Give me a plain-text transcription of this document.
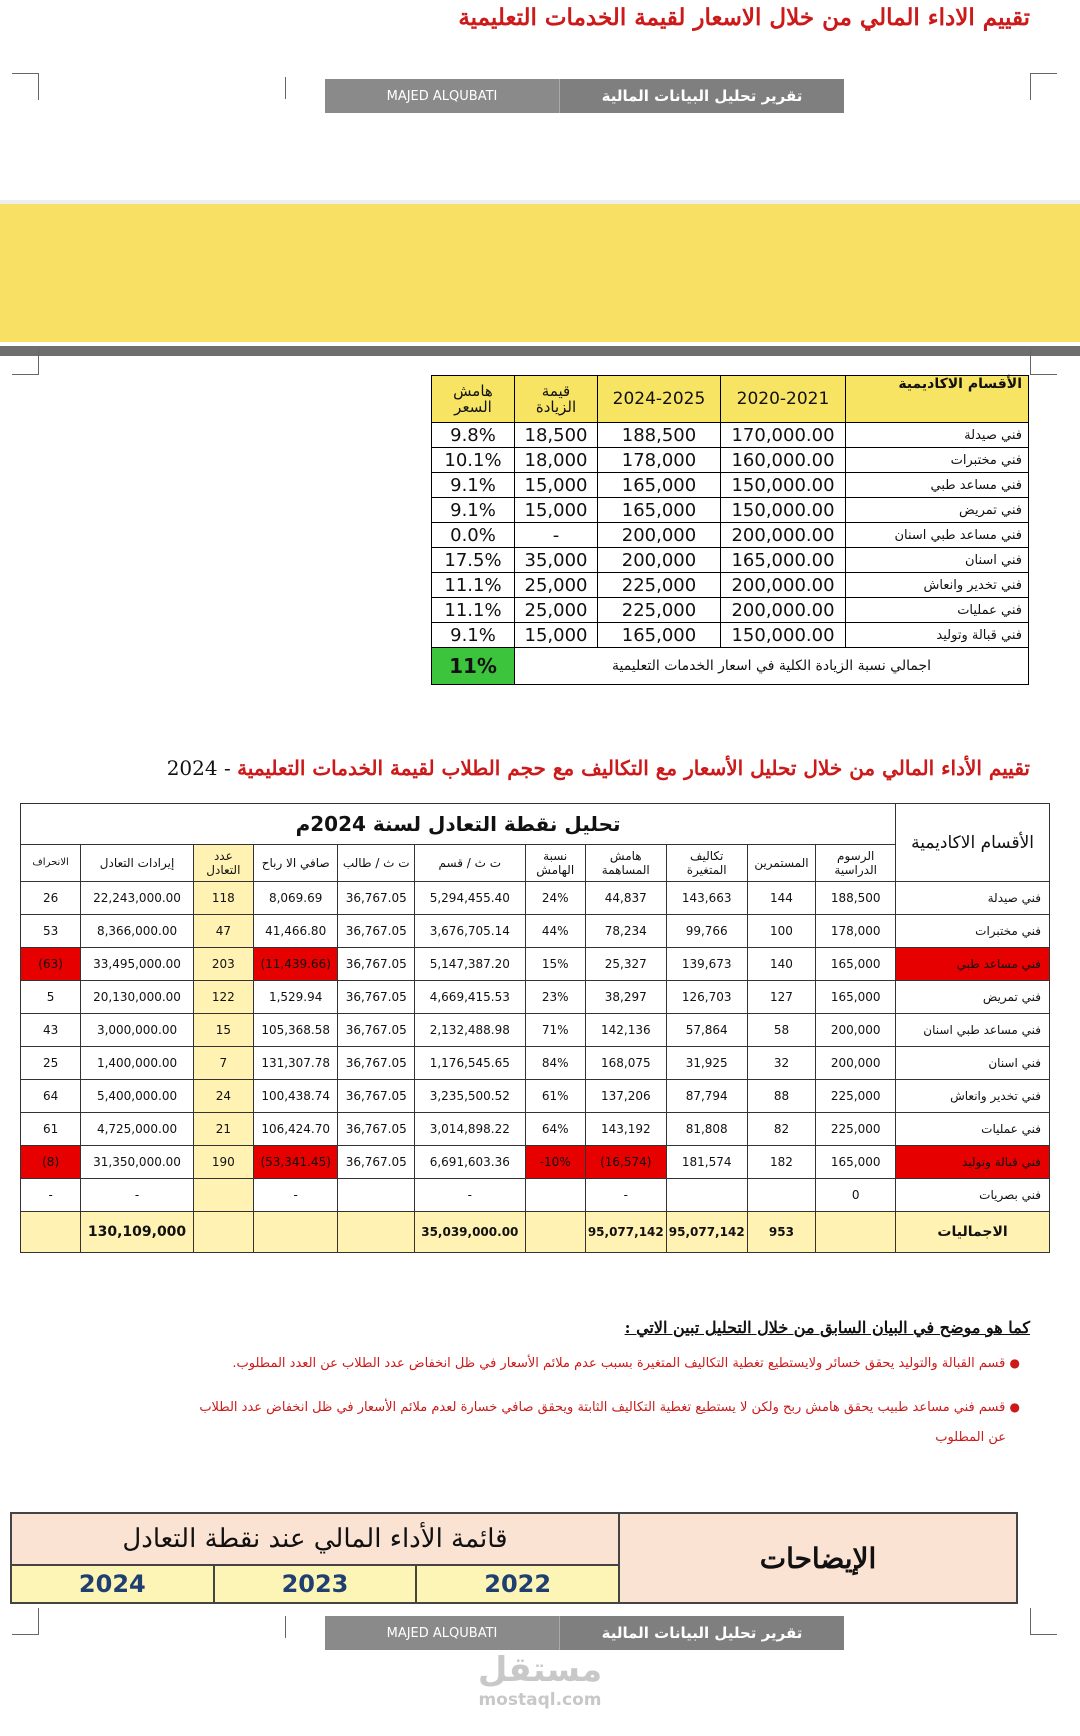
تقييم الاداء المالي من خلال الاسعار لقيمة الخدمات التعليمية
MAJED ALQUBATI	تقرير تحليل البيانات المالية
الأقسام الاكاديمية	2020-2021	2024-2025	قيمة الزيادة	هامش السعر
فني صيدلة	170,000.00	188,500	18,500	9.8%
فني مختبرات	160,000.00	178,000	18,000	10.1%
فني مساعد طبي	150,000.00	165,000	15,000	9.1%
فني تمريض	150,000.00	165,000	15,000	9.1%
فني مساعد طبي اسنان	200,000.00	200,000	-	0.0%
فني اسنان	165,000.00	200,000	35,000	17.5%
فني تخدير وانعاش	200,000.00	225,000	25,000	11.1%
فني عمليات	200,000.00	225,000	25,000	11.1%
فني قبالة وتوليد	150,000.00	165,000	15,000	9.1%
اجمالي نسبة الزيادة الكلية في اسعار الخدمات التعليمية				11%
تقييم الأداء المالي من خلال تحليل الأسعار مع التكاليف مع حجم الطلاب لقيمة الخدمات التعليمية - 2024
الأقسام الاكاديمية	تحليل نقطة التعادل لسنة 2024م										
	الرسوم الدراسية	المستمرين	تكاليف المتغيرة	هامش المساهمة	نسبة الهامش	ت ث / قسم	ت ث / طالب	صافي الا رباح	عدد التعادل	إيرادات التعادل	الانحراف
فني صيدلة	188,500	144	143,663	44,837	24%	5,294,455.40	36,767.05	8,069.69	118	22,243,000.00	26
فني مختبرات	178,000	100	99,766	78,234	44%	3,676,705.14	36,767.05	41,466.80	47	8,366,000.00	53
فني مساعد طبي	165,000	140	139,673	25,327	15%	5,147,387.20	36,767.05	(11,439.66)	203	33,495,000.00	(63)
فني تمريض	165,000	127	126,703	38,297	23%	4,669,415.53	36,767.05	1,529.94	122	20,130,000.00	5
فني مساعد طبي اسنان	200,000	58	57,864	142,136	71%	2,132,488.98	36,767.05	105,368.58	15	3,000,000.00	43
فني اسنان	200,000	32	31,925	168,075	84%	1,176,545.65	36,767.05	131,307.78	7	1,400,000.00	25
فني تخدير وانعاش	225,000	88	87,794	137,206	61%	3,235,500.52	36,767.05	100,438.74	24	5,400,000.00	64
فني عمليات	225,000	82	81,808	143,192	64%	3,014,898.22	36,767.05	106,424.70	21	4,725,000.00	61
فني قبالة وتوليد	165,000	182	181,574	(16,574)	10%-	6,691,603.36	36,767.05	(53,341.45)	190	31,350,000.00	(8)
فني بصريات	0			-		-		-		-	-
الاجماليات		953	95,077,142	95,077,142		35,039,000.00				130,109,000	
كما هو موضح في البيان السابق من خلال التحليل تبين الاتي :
● قسم القبالة والتوليد يحقق خسائر ولايستطيع تغطية التكاليف المتغيرة بسبب عدم ملائم الأسعار في ظل انخفاض عدد الطلاب عن العدد المطلوب.
● قسم فني مساعد طبيب يحقق هامش ربح ولكن لا يستطيع تغطية التكاليف الثابتة ويحقق صافي خسارة لعدم ملائم الأسعار في ظل انخفاض عدد الطلاب
عن المطلوب
قائمة الأداء المالي عند نقطة التعادل			الإيضاحات
2024	2023	2022	
MAJED ALQUBATI	تقرير تحليل البيانات المالية
مستقل
mostaql.com
